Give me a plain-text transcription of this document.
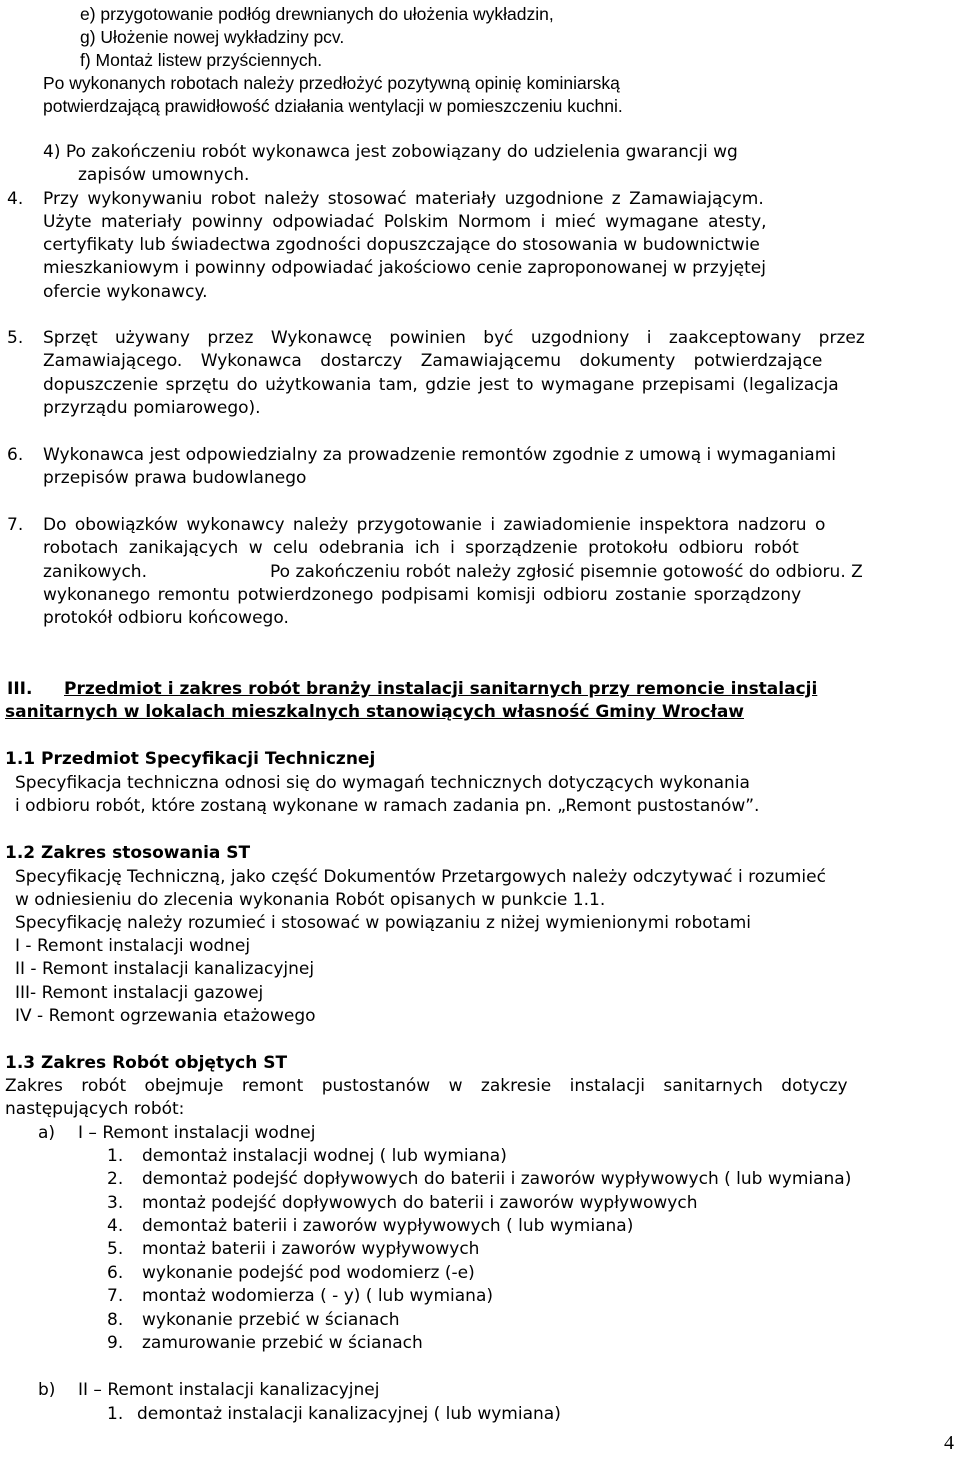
e) przygotowanie podłóg drewnianych do ułożenia wykładzin,
g) Ułożenie nowej wykładziny pcv.
f) Montaż listew przyściennych.
Po wykonanych robotach należy przedłożyć pozytywną opinię kominiarską
potwierdzającą prawidłowość działania wentylacji w pomieszczeniu kuchni.
4) Po zakończeniu robót wykonawca jest zobowiązany do udzielenia gwarancji wg
zapisów umownych.
4. Przy wykonywaniu robot należy stosować materiały uzgodnione z Zamawiającym.
Użyte materiały powinny odpowiadać Polskim Normom i mieć wymagane atesty,
certyfikaty lub świadectwa zgodności dopuszczające do stosowania w budownictwie
mieszkaniowym i powinny odpowiadać jakościowo cenie zaproponowanej w przyjętej
ofercie wykonawcy.
5. Sprzęt używany przez Wykonawcę powinien być uzgodniony i zaakceptowany przez
Zamawiającego. Wykonawca dostarczy Zamawiającemu dokumenty potwierdzające
dopuszczenie sprzętu do użytkowania tam, gdzie jest to wymagane przepisami (legalizacja
przyrządu pomiarowego).
6. Wykonawca jest odpowiedzialny za prowadzenie remontów zgodnie z umową i wymaganiami
przepisów prawa budowlanego
7. Do obowiązków wykonawcy należy przygotowanie i zawiadomienie inspektora nadzoru o
robotach zanikających w celu odebrania ich i sporządzenie protokołu odbioru robót
zanikowych.	Po zakończeniu robót należy zgłosić pisemnie gotowość do odbioru. Z
wykonanego remontu potwierdzonego podpisami komisji odbioru zostanie sporządzony
protokół odbioru końcowego.
III. Przedmiot i zakres robót branży instalacji sanitarnych przy remoncie instalacji
sanitarnych w lokalach mieszkalnych stanowiących własność Gminy Wrocław
1.1 Przedmiot Specyfikacji Technicznej
Specyfikacja techniczna odnosi się do wymagań technicznych dotyczących wykonania
i odbioru robót, które zostaną wykonane w ramach zadania pn. „Remont pustostanów”.
1.2 Zakres stosowania ST
Specyfikację Techniczną, jako część Dokumentów Przetargowych należy odczytywać i rozumieć
w odniesieniu do zlecenia wykonania Robót opisanych w punkcie 1.1.
Specyfikację należy rozumieć i stosować w powiązaniu z niżej wymienionymi robotami
I - Remont instalacji wodnej
II - Remont instalacji kanalizacyjnej
III- Remont instalacji gazowej
IV - Remont ogrzewania etażowego
1.3 Zakres Robót objętych ST
Zakres robót obejmuje remont pustostanów w zakresie instalacji sanitarnych dotyczy
następujących robót:
a) I – Remont instalacji wodnej
1. demontaż instalacji wodnej ( lub wymiana)
2. demontaż podejść dopływowych do baterii i zaworów wypływowych ( lub wymiana)
3. montaż podejść dopływowych do baterii i zaworów wypływowych
4. demontaż baterii i zaworów wypływowych ( lub wymiana)
5. montaż baterii i zaworów wypływowych
6. wykonanie podejść pod wodomierz (-e)
7. montaż wodomierza ( - y) ( lub wymiana)
8. wykonanie przebić w ścianach
9. zamurowanie przebić w ścianach
b) II – Remont instalacji kanalizacyjnej
1. demontaż instalacji kanalizacyjnej ( lub wymiana)
4
